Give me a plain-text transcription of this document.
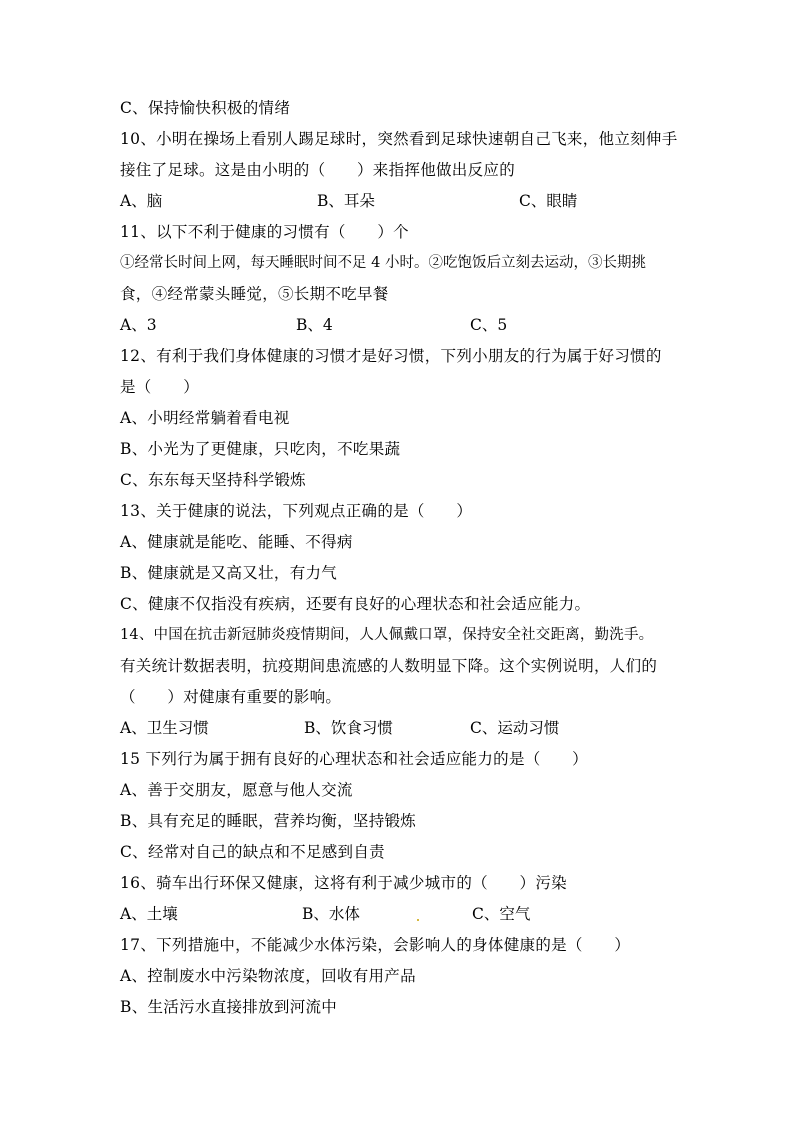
C、保持愉快积极的情绪
10、小明在操场上看别人踢足球时，突然看到足球快速朝自己飞来，他立刻伸手
接住了足球。这是由小明的（　　）来指挥他做出反应的
A、脑	B、耳朵	C、眼睛
11、以下不利于健康的习惯有（　　）个
①经常长时间上网，每天睡眠时间不足 4 小时。②吃饱饭后立刻去运动，③长期挑
食，④经常蒙头睡觉，⑤长期不吃早餐
A、3	B、4	C、5
12、有利于我们身体健康的习惯才是好习惯，下列小朋友的行为属于好习惯的
是（　　）
A、小明经常躺着看电视
B、小光为了更健康，只吃肉，不吃果蔬
C、东东每天坚持科学锻炼
13、关于健康的说法，下列观点正确的是（　　）
A、健康就是能吃、能睡、不得病
B、健康就是又高又壮，有力气
C、健康不仅指没有疾病，还要有良好的心理状态和社会适应能力。
14、中国在抗击新冠肺炎疫情期间，人人佩戴口罩，保持安全社交距离，勤洗手。
有关统计数据表明，抗疫期间患流感的人数明显下降。这个实例说明，人们的
（　　）对健康有重要的影响。
A、卫生习惯	B、饮食习惯	C、运动习惯
15 下列行为属于拥有良好的心理状态和社会适应能力的是（　　）
A、善于交朋友，愿意与他人交流
B、具有充足的睡眠，营养均衡，坚持锻炼
C、经常对自己的缺点和不足感到自责
16、骑车出行环保又健康，这将有利于减少城市的（　　）污染
A、土壤	B、水体	C、空气
17、下列措施中，不能减少水体污染，会影响人的身体健康的是（　　）
A、控制废水中污染物浓度，回收有用产品
B、生活污水直接排放到河流中
